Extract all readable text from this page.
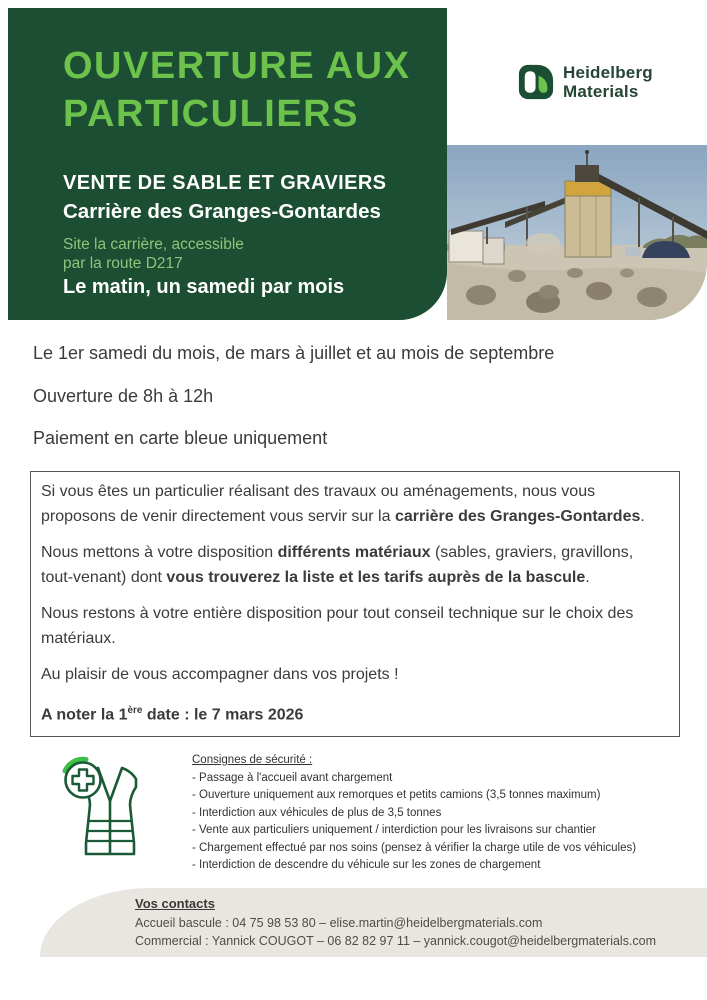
OUVERTURE AUX
PARTICULIERS
VENTE DE SABLE ET GRAVIERS
Carrière des Granges-Gontardes
Site la carrière, accessible
par la route D217
Le matin, un samedi par mois
Heidelberg
Materials
Le 1er samedi du mois, de mars à juillet et au mois de septembre
Ouverture de 8h à 12h
Paiement en carte bleue uniquement

Si vous êtes un particulier réalisant des travaux ou aménagements, nous vous proposons de venir directement vous servir sur la carrière des Granges-Gontardes.

Nous mettons à votre disposition différents matériaux (sables, graviers, gravillons, tout-venant) dont vous trouverez la liste et les tarifs auprès de la bascule.

Nous restons à votre entière disposition pour tout conseil technique sur le choix des matériaux.

Au plaisir de vous accompagner dans vos projets !

A noter la 1ère date : le 7 mars 2026

Consignes de sécurité :
- Passage à l'accueil avant chargement
- Ouverture uniquement aux remorques et petits camions (3,5 tonnes maximum)
- Interdiction aux véhicules de plus de 3,5 tonnes
- Vente aux particuliers uniquement / interdiction pour les livraisons sur chantier
- Chargement effectué par nos soins (pensez à vérifier la charge utile de vos véhicules)
- Interdiction de descendre du véhicule sur les zones de chargement
Vos contacts
Accueil bascule : 04 75 98 53 80 – elise.martin@heidelbergmaterials.com
Commercial : Yannick COUGOT – 06 82 82 97 11 – yannick.cougot@heidelbergmaterials.com
